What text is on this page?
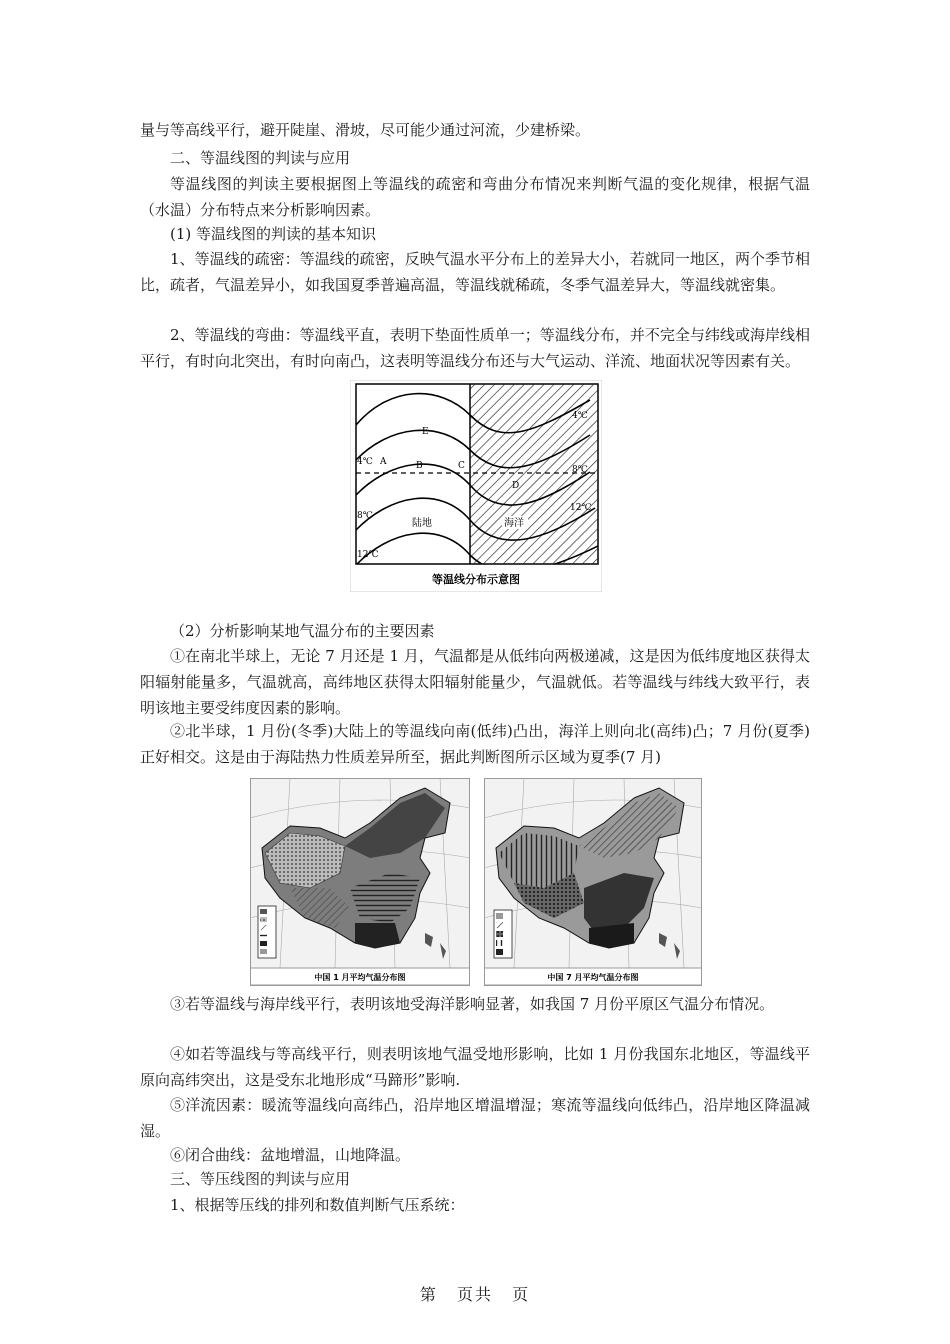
量与等高线平行，避开陡崖、滑坡，尽可能少通过河流，少建桥梁。

二、等温线图的判读与应用

等温线图的判读主要根据图上等温线的疏密和弯曲分布情况来判断气温的变化规律，根据气温（水温）分布特点来分析影响因素。

(1) 等温线图的判读的基本知识

1、等温线的疏密：等温线的疏密，反映气温水平分布上的差异大小，若就同一地区，两个季节相比，疏者，气温差异小，如我国夏季普遍高温，等温线就稀疏，冬季气温差异大，等温线就密集。

2、等温线的弯曲：等温线平直，表明下垫面性质单一；等温线分布，并不完全与纬线或海岸线相平行，有时向北突出，有时向南凸，这表明等温线分布还与大气运动、洋流、地面状况等因素有关。

E
A	B	C
D
4℃
8℃
12℃
4℃
8℃
12℃
陆地	海洋
等温线分布示意图

（2）分析影响某地气温分布的主要因素

①在南北半球上，无论 7 月还是 1 月，气温都是从低纬向两极递减，这是因为低纬度地区获得太阳辐射能量多，气温就高，高纬地区获得太阳辐射能量少，气温就低。若等温线与纬线大致平行，表明该地主要受纬度因素的影响。

②北半球，1 月份(冬季)大陆上的等温线向南(低纬)凸出，海洋上则向北(高纬)凸；7 月份(夏季)正好相交。这是由于海陆热力性质差异所至，据此判断图所示区域为夏季(7 月)

中国 1 月平均气温分布图	中国 7 月平均气温分布图

③若等温线与海岸线平行，表明该地受海洋影响显著，如我国 7 月份平原区气温分布情况。

④如若等温线与等高线平行，则表明该地气温受地形影响，比如 1 月份我国东北地区，等温线平原向高纬突出，这是受东北地形成“马蹄形”影响.

⑤洋流因素：暖流等温线向高纬凸，沿岸地区增温增湿；寒流等温线向低纬凸，沿岸地区降温减湿。

⑥闭合曲线：盆地增温，山地降温。

三、等压线图的判读与应用

1、根据等压线的排列和数值判断气压系统：

第 页共 页
